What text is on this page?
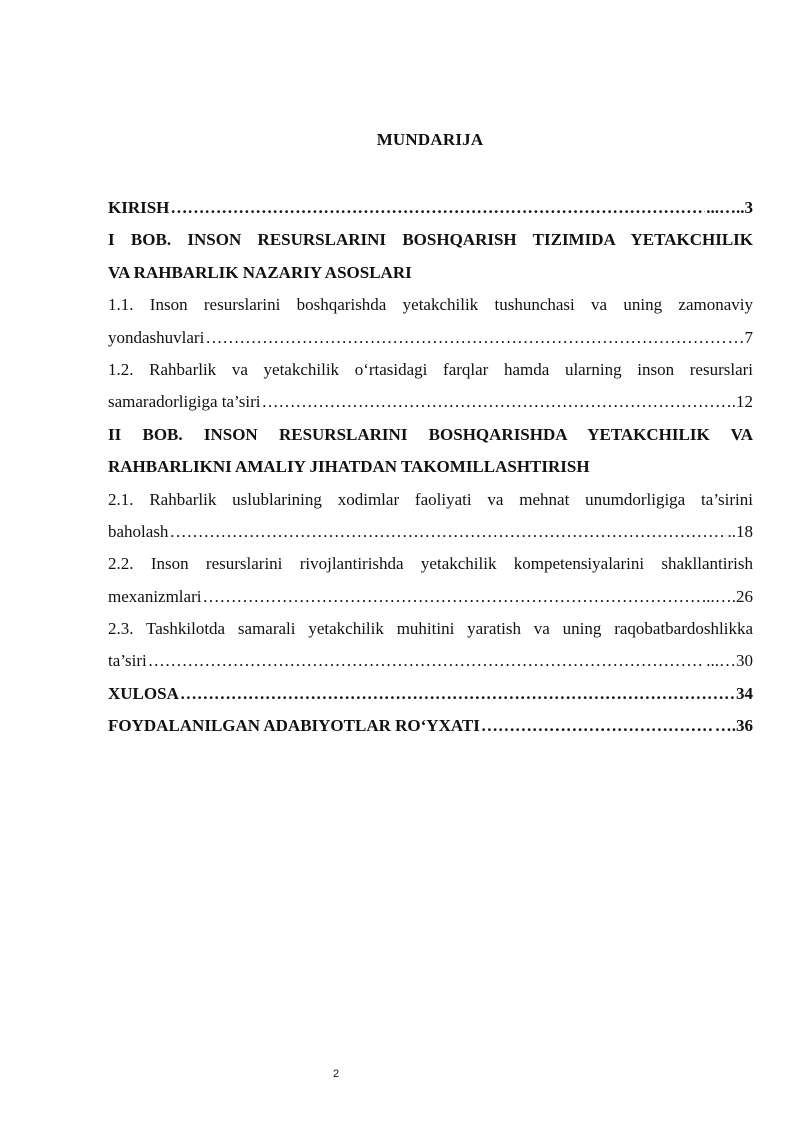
MUNDARIJA
KIRISH ……………………………………………………………………………………………………………………………………………………………………	...….. 3
I BOB. INSON RESURSLARINI BOSHQARISH TIZIMIDA YETAKCHILIK
VA RAHBARLIK NAZARIY ASOSLARI
1.1. Inson resurslarini boshqarishda yetakchilik tushunchasi va uning zamonaviy
yondashuvlari ……………………………………………………………………………………………………………………………………………………………………	… 7
1.2. Rahbarlik va yetakchilik o‘rtasidagi farqlar hamda ularning inson resurslari
samaradorligiga ta’siri ……………………………………………………………………………………………………………………………………………………………………	. 12
II BOB. INSON RESURSLARINI BOSHQARISHDA YETAKCHILIK VA
RAHBARLIKNI AMALIY JIHATDAN TAKOMILLASHTIRISH
2.1. Rahbarlik uslublarining xodimlar faoliyati va mehnat unumdorligiga ta’sirini
baholash ……………………………………………………………………………………………………………………………………………………………………	.. 18
2.2. Inson resurslarini rivojlantirishda yetakchilik kompetensiyalarini shakllantirish
mexanizmlari ……………………………………………………………………………………………………………………………………………………………………	..…. 26
2.3. Tashkilotda samarali yetakchilik muhitini yaratish va uning raqobatbardoshlikka
ta’siri ……………………………………………………………………………………………………………………………………………………………………	...… 30
XULOSA ……………………………………………………………………………………………………………………………………………………………………	34
FOYDALANILGAN ADABIYOTLAR RO‘YXATI ……………………………………………………………………………………………………………………………………………………………………	…. 36
2
